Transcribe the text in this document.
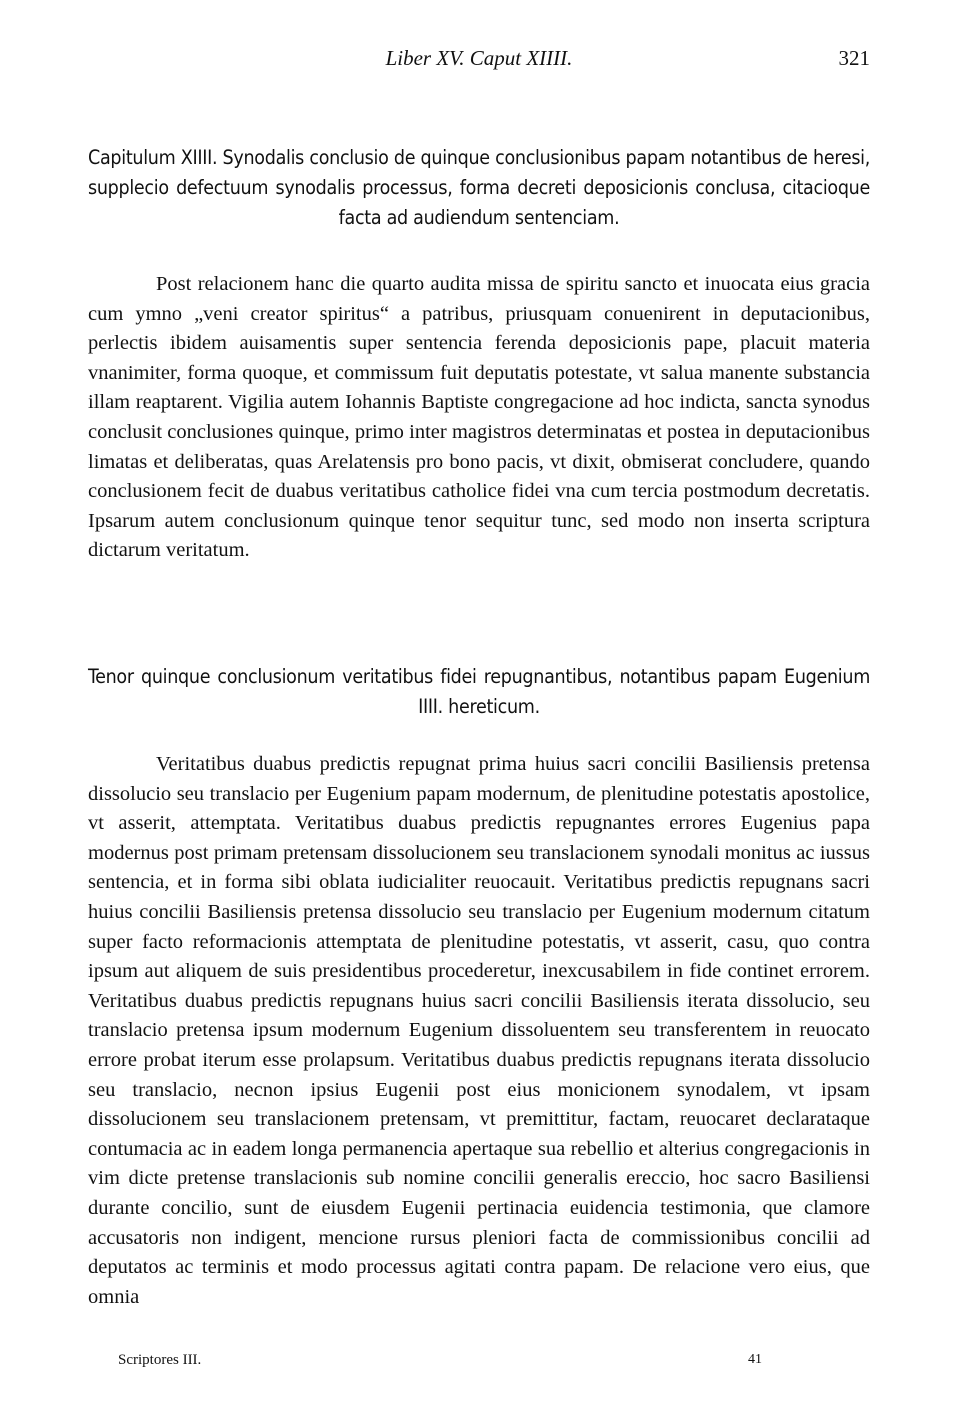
Liber XV. Caput XIIII.	321
Capitulum XIIII. Synodalis conclusio de quinque conclusionibus papam notantibus de heresi, supplecio defectuum synodalis processus, forma decreti deposicionis conclusa, citacioque facta ad audiendum sentenciam.

Post relacionem hanc die quarto audita missa de spiritu sancto et inuocata eius gracia cum ymno „veni creator spiritus“ a patribus, priusquam conuenirent in deputacionibus, perlectis ibidem auisamentis super sentencia ferenda deposicionis pape, placuit materia vnanimiter, forma quoque, et commissum fuit deputatis potestate, vt salua manente substancia illam reaptarent. Vigilia autem Iohannis Baptiste congregacione ad hoc indicta, sancta synodus conclusit conclusiones quinque, primo inter magistros determinatas et postea in deputacionibus limatas et deliberatas, quas Arelatensis pro bono pacis, vt dixit, obmiserat concludere, quando conclusionem fecit de duabus veritatibus catholice fidei vna cum tercia postmodum decretatis. Ipsarum autem conclusionum quinque tenor sequitur tunc, sed modo non inserta scriptura dictarum veritatum.

Tenor quinque conclusionum veritatibus fidei repugnantibus, notantibus papam Eugenium IIII. hereticum.

Veritatibus duabus predictis repugnat prima huius sacri concilii Basiliensis pretensa dissolucio seu translacio per Eugenium papam modernum, de plenitudine potestatis apostolice, vt asserit, attemptata. Veritatibus duabus predictis repugnantes errores Eugenius papa modernus post primam pretensam dissolucionem seu translacionem synodali monitus ac iussus sentencia, et in forma sibi oblata iudicialiter reuocauit. Veritatibus predictis repugnans sacri huius concilii Basiliensis pretensa dissolucio seu translacio per Eugenium modernum citatum super facto reformacionis attemptata de plenitudine potestatis, vt asserit, casu, quo contra ipsum aut aliquem de suis presidentibus procederetur, inexcusabilem in fide continet errorem. Veritatibus duabus predictis repugnans huius sacri concilii Basiliensis iterata dissolucio, seu translacio pretensa ipsum modernum Eugenium dissoluentem seu transferentem in reuocato errore probat iterum esse prolapsum. Veritatibus duabus predictis repugnans iterata dissolucio seu translacio, necnon ipsius Eugenii post eius monicionem synodalem, vt ipsam dissolucionem seu translacionem pretensam, vt premittitur, factam, reuocaret declarataque contumacia ac in eadem longa permanencia apertaque sua rebellio et alterius congregacionis in vim dicte pretense translacionis sub nomine concilii generalis ereccio, hoc sacro Basiliensi durante concilio, sunt de eiusdem Eugenii pertinacia euidencia testimonia, que clamore accusatoris non indigent, mencione rursus pleniori facta de commissionibus concilii ad deputatos ac terminis et modo processus agitati contra papam. De relacione vero eius, que omnia

Scriptores III.	41
